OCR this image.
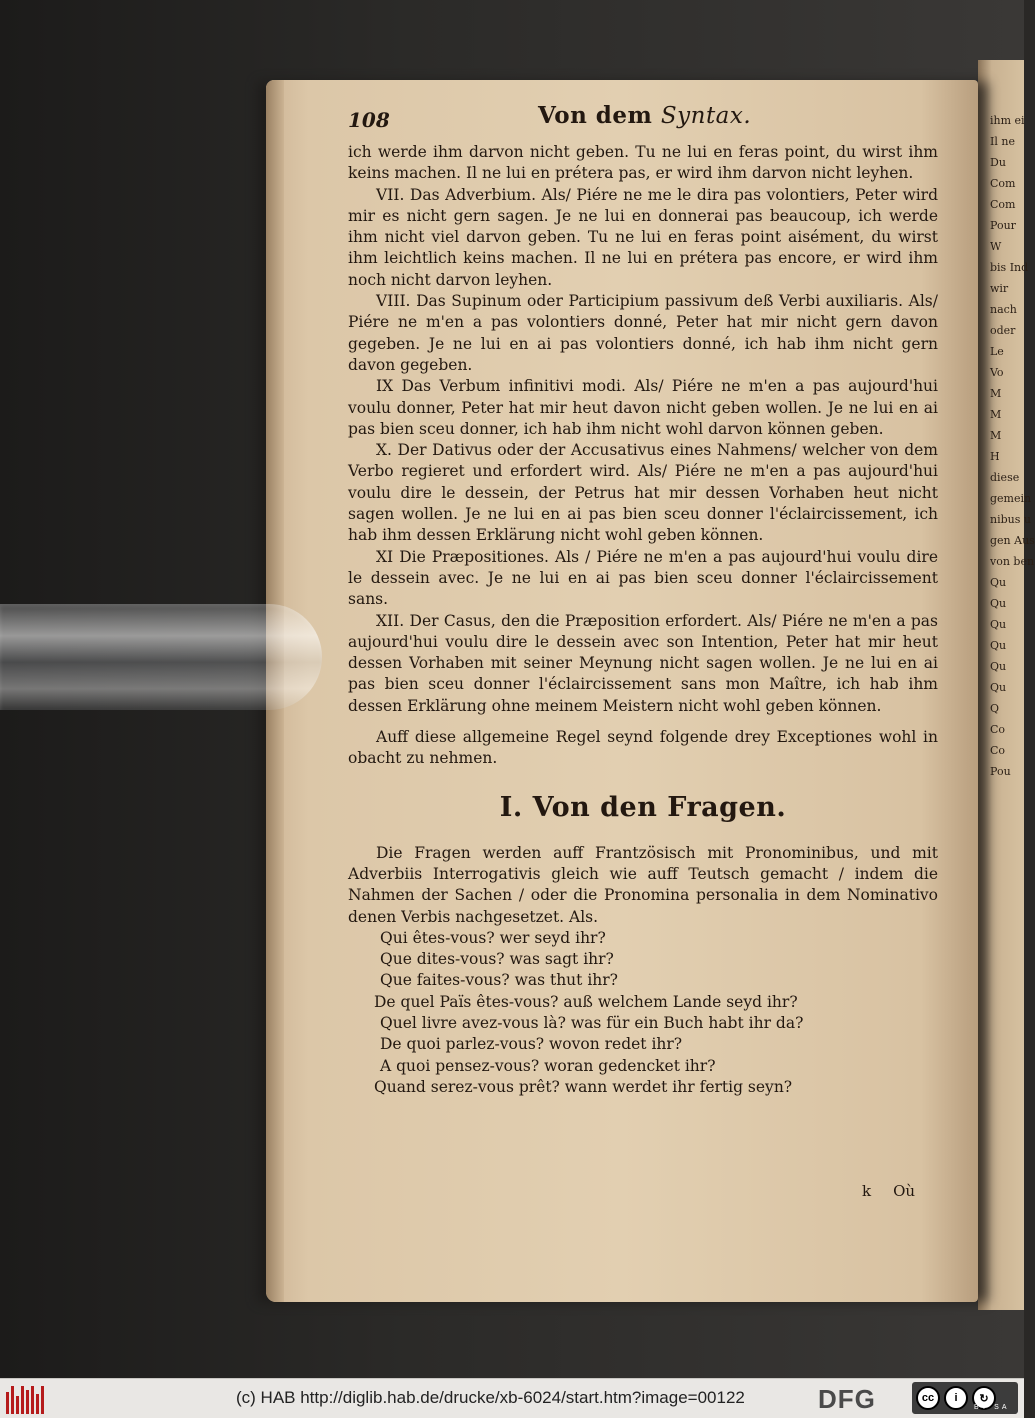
ihm ei
Il ne
Du
Com
Com
Pour
W
bis Ind
wir
nach
oder
Le
Vo
M
M
M
H
diese
gemein
nibus u
gen Aus
von ben
Qu
Qu
Qu
Qu
Qu
Qu
Q
Co
Co
Pou
108	Von dem Syntax.

ich werde ihm darvon nicht geben. Tu ne lui en feras point, du wirst ihm keins machen. Il ne lui en prétera pas, er wird ihm darvon nicht leyhen.

VII. Das Adverbium. Als/ Piére ne me le dira pas volontiers, Peter wird mir es nicht gern sagen. Je ne lui en donnerai pas beaucoup, ich werde ihm nicht viel darvon geben. Tu ne lui en feras point aisément, du wirst ihm leichtlich keins machen. Il ne lui en prétera pas encore, er wird ihm noch nicht darvon leyhen.

VIII. Das Supinum oder Participium passivum deß Verbi auxiliaris. Als/ Piére ne m'en a pas volontiers donné, Peter hat mir nicht gern davon gegeben. Je ne lui en ai pas volontiers donné, ich hab ihm nicht gern davon gegeben.

IX Das Verbum infinitivi modi. Als/ Piére ne m'en a pas aujourd'hui voulu donner, Peter hat mir heut davon nicht geben wollen. Je ne lui en ai pas bien sceu donner, ich hab ihm nicht wohl darvon können geben.

X. Der Dativus oder der Accusativus eines Nahmens/ welcher von dem Verbo regieret und erfordert wird. Als/ Piére ne m'en a pas aujourd'hui voulu dire le dessein, der Petrus hat mir dessen Vorhaben heut nicht sagen wollen. Je ne lui en ai pas bien sceu donner l'éclaircissement, ich hab ihm dessen Erklärung nicht wohl geben können.

XI Die Præpositiones. Als / Piére ne m'en a pas aujourd'hui voulu dire le dessein avec. Je ne lui en ai pas bien sceu donner l'éclaircissement sans.

XII. Der Casus, den die Præposition erfordert. Als/ Piére ne m'en a pas aujourd'hui voulu dire le dessein avec son Intention, Peter hat mir heut dessen Vorhaben mit seiner Meynung nicht sagen wollen. Je ne lui en ai pas bien sceu donner l'éclaircissement sans mon Maître, ich hab ihm dessen Erklärung ohne meinem Meistern nicht wohl geben können.

Auff diese allgemeine Regel seynd folgende drey Exceptiones wohl in obacht zu nehmen.

I. Von den Fragen.

Die Fragen werden auff Frantzösisch mit Pronominibus, und mit Adverbiis Interrogativis gleich wie auff Teutsch gemacht / indem die Nahmen der Sachen / oder die Pronomina personalia in dem Nominativo denen Verbis nachgesetzet. Als.

Qui êtes-vous? wer seyd ihr?
Que dites-vous? was sagt ihr?
Que faites-vous? was thut ihr?
De quel Païs êtes-vous? auß welchem Lande seyd ihr?
Quel livre avez-vous là? was für ein Buch habt ihr da?
De quoi parlez-vous? wovon redet ihr?
A quoi pensez-vous? woran gedencket ihr?
Quand serez-vous prêt? wann werdet ihr fertig seyn?
k Où
(c) HAB http://diglib.hab.de/drucke/xb-6024/start.htm?image=00122	DFG	cc	i	↻
BY SA
